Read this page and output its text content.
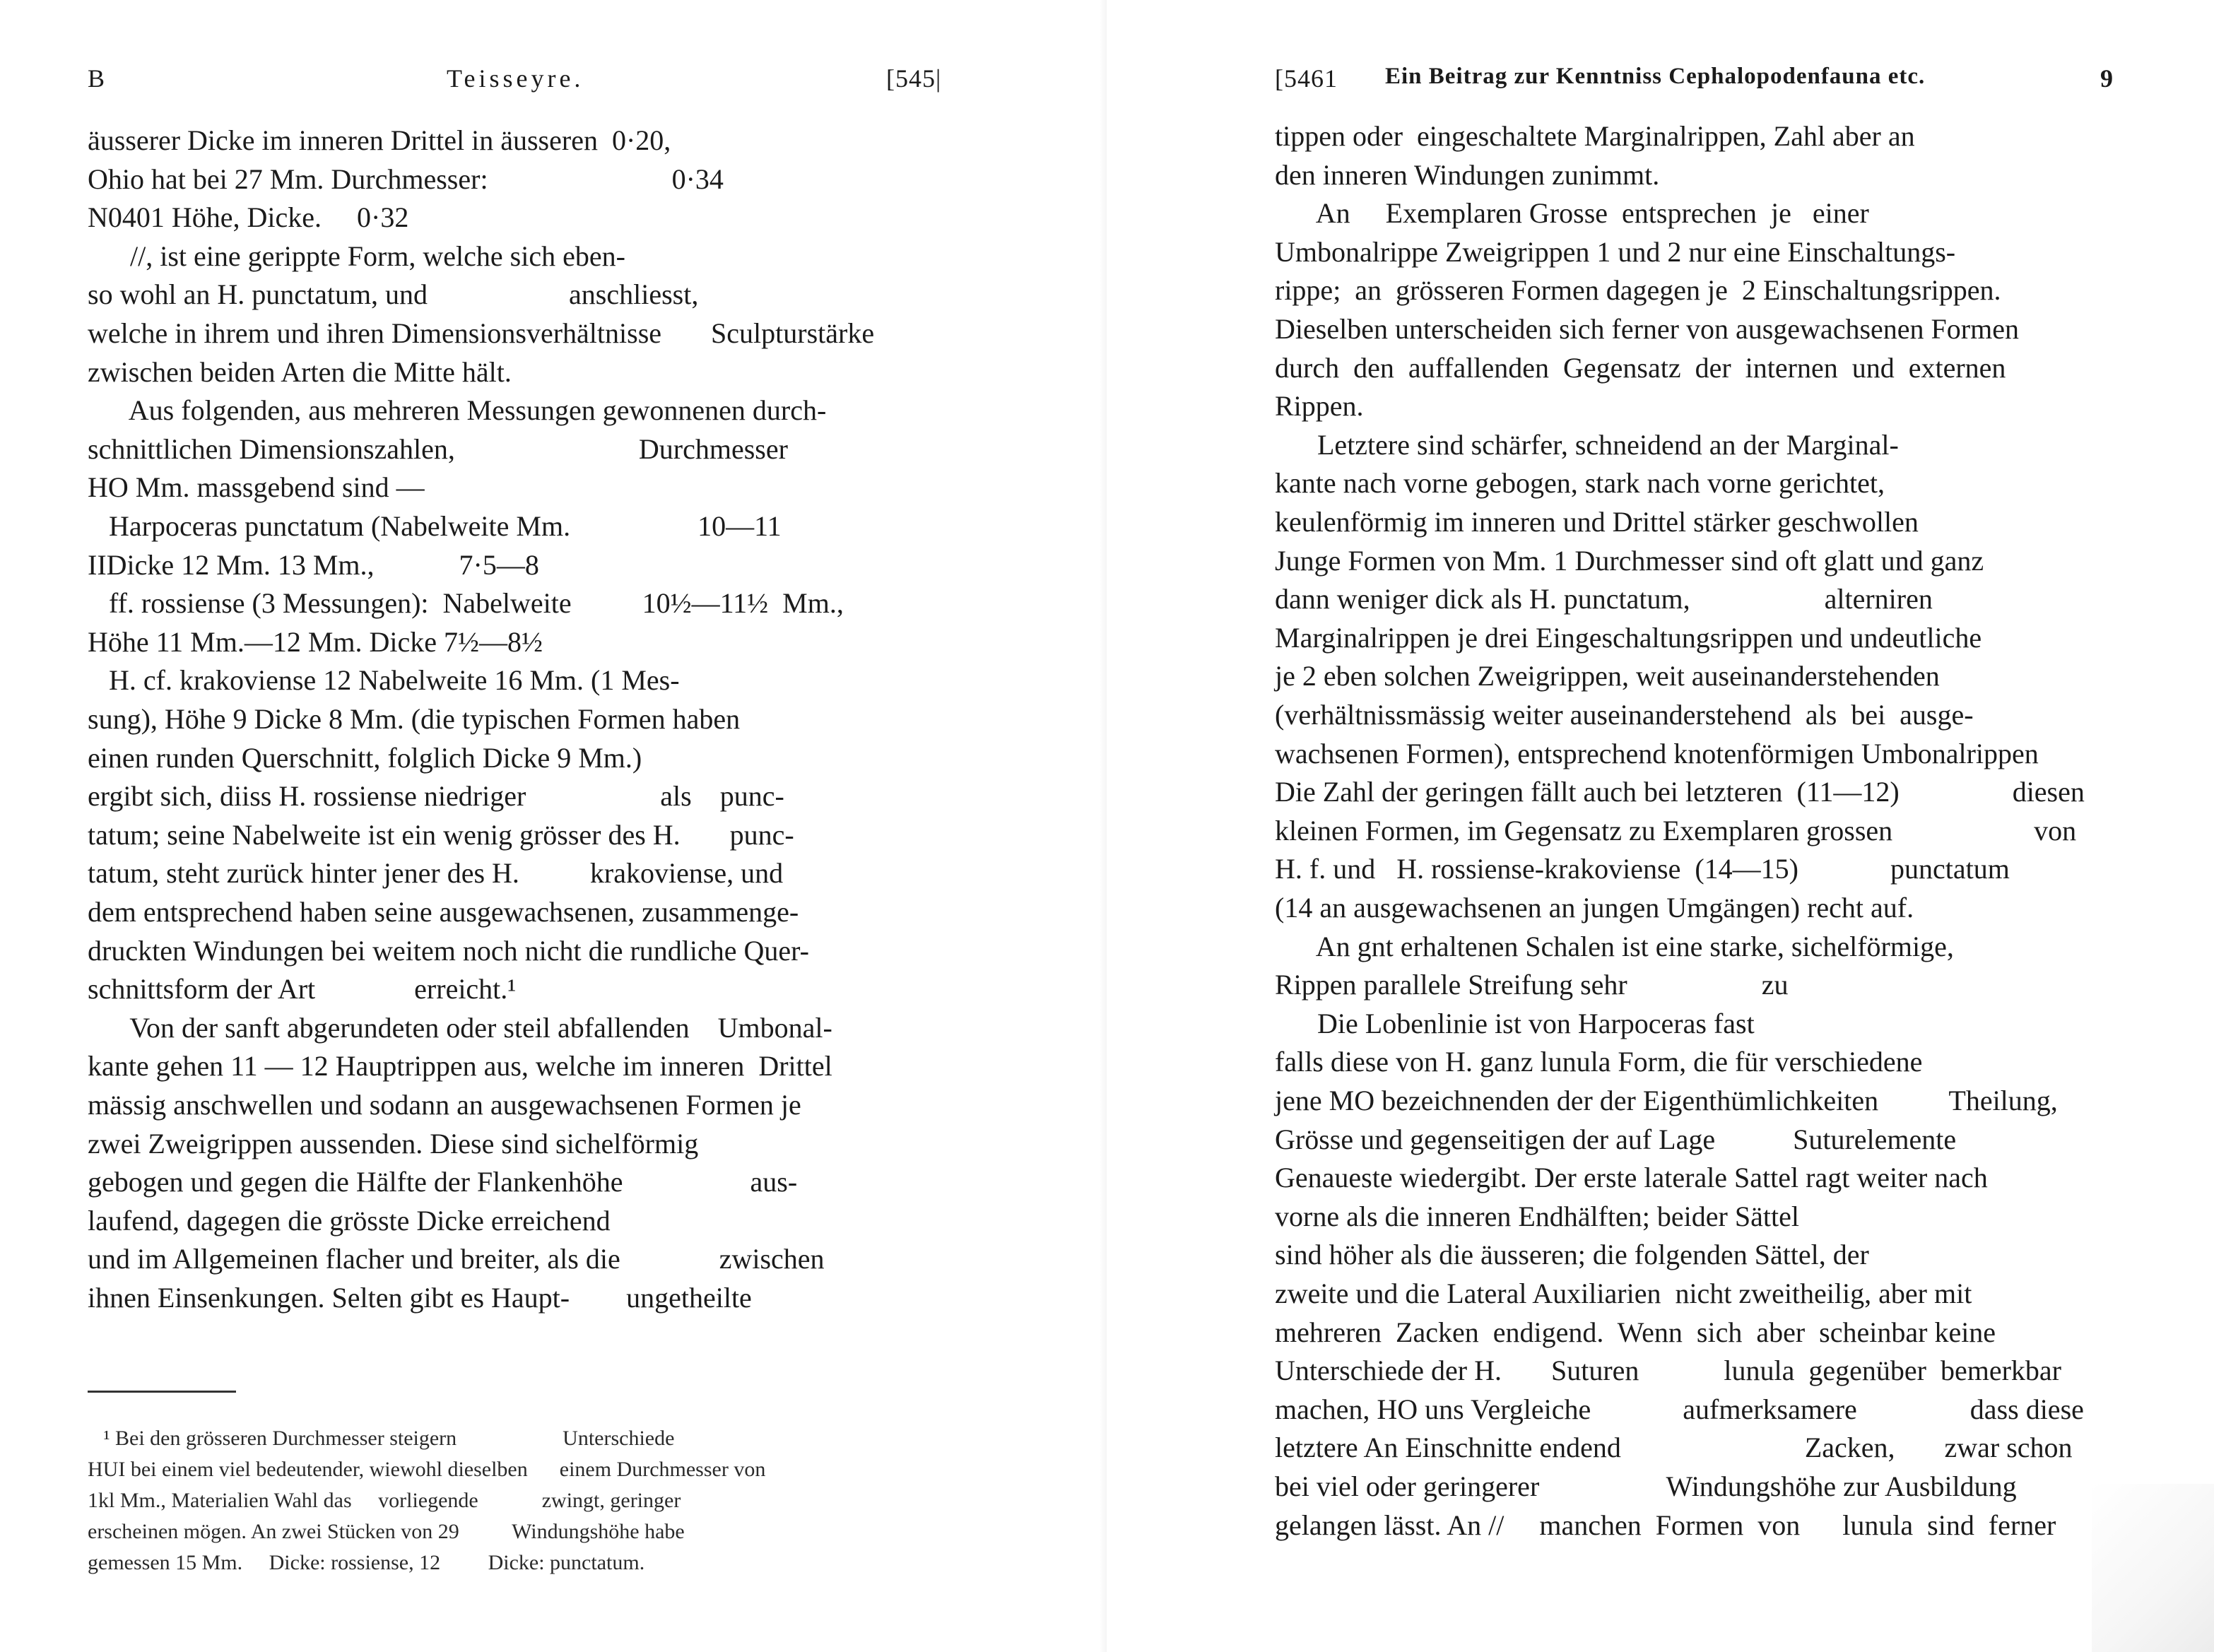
B	Teisseyre.	[545|
äusserer Dicke im inneren Drittel in äusseren  0·20,
Ohio hat bei 27 Mm. Durchmesser:                          0·34
N0401 Höhe, Dicke.     0·32
//, ist eine gerippte Form, welche sich eben-
so wohl an H. punctatum, und                    anschliesst,
welche in ihrem und ihren Dimensionsverhältnisse       Sculpturstärke
zwischen beiden Arten die Mitte hält.
Aus folgenden, aus mehreren Messungen gewonnenen durch-
schnittlichen Dimensionszahlen,                          Durchmesser
HO Mm. massgebend sind —
Harpoceras punctatum (Nabelweite Mm.                  10—11
IIDicke 12 Mm. 13 Mm.,            7·5—8
ff. rossiense (3 Messungen):  Nabelweite          10½—11½  Mm.,
Höhe 11 Mm.—12 Mm. Dicke 7½—8½
H. cf. krakoviense 12 Nabelweite 16 Mm. (1 Mes-
sung), Höhe 9 Dicke 8 Mm. (die typischen Formen haben
einen runden Querschnitt, folglich Dicke 9 Mm.)
ergibt sich, diiss H. rossiense niedriger                   als    punc-
tatum; seine Nabelweite ist ein wenig grösser des H.       punc-
tatum, steht zurück hinter jener des H.          krakoviense, und
dem entsprechend haben seine ausgewachsenen, zusammenge-
druckten Windungen bei weitem noch nicht die rundliche Quer-
schnittsform der Art              erreicht.¹
Von der sanft abgerundeten oder steil abfallenden    Umbonal-
kante gehen 11 — 12 Hauptrippen aus, welche im inneren  Drittel
mässig anschwellen und sodann an ausgewachsenen Formen je
zwei Zweigrippen aussenden. Diese sind sichelförmig
gebogen und gegen die Hälfte der Flankenhöhe                  aus-
laufend, dagegen die grösste Dicke erreichend
und im Allgemeinen flacher und breiter, als die              zwischen
ihnen Einsenkungen. Selten gibt es Haupt-        ungetheilte
¹ Bei den grösseren Durchmesser steigern                    Unterschiede
HUI bei einem viel bedeutender, wiewohl dieselben      einem Durchmesser von
1kl Mm., Materialien Wahl das     vorliegende            zwingt, geringer
erscheinen mögen. An zwei Stücken von 29          Windungshöhe habe
gemessen 15 Mm.     Dicke: rossiense, 12         Dicke: punctatum.
[5461 Ein Beitrag zur Kenntniss Cephalopodenfauna etc.	9
tippen oder  eingeschaltete Marginalrippen, Zahl aber an
den inneren Windungen zunimmt.
An     Exemplaren Grosse  entsprechen  je   einer
Umbonalrippe Zweigrippen 1 und 2 nur eine Einschaltungs-
rippe;  an  grösseren Formen dagegen je  2 Einschaltungsrippen.
Dieselben unterscheiden sich ferner von ausgewachsenen Formen
durch  den  auffallenden  Gegensatz  der  internen  und  externen
Rippen.
Letztere sind schärfer, schneidend an der Marginal-
kante nach vorne gebogen, stark nach vorne gerichtet,
keulenförmig im inneren und Drittel stärker geschwollen
Junge Formen von Mm. 1 Durchmesser sind oft glatt und ganz
dann weniger dick als H. punctatum,                   alterniren
Marginalrippen je drei Eingeschaltungsrippen und undeutliche
je 2 eben solchen Zweigrippen, weit auseinanderstehenden
(verhältnissmässig weiter auseinanderstehend  als  bei  ausge-
wachsenen Formen), entsprechend knotenförmigen Umbonalrippen
Die Zahl der geringen fällt auch bei letzteren  (11—12)                diesen
kleinen Formen, im Gegensatz zu Exemplaren grossen                    von
H. f. und   H. rossiense-krakoviense  (14—15)             punctatum
(14 an ausgewachsenen an jungen Umgängen) recht auf.
An gnt erhaltenen Schalen ist eine starke, sichelförmige,
Rippen parallele Streifung sehr                   zu
Die Lobenlinie ist von Harpoceras fast
falls diese von H. ganz lunula Form, die für verschiedene
jene MO bezeichnenden der der Eigenthümlichkeiten          Theilung,
Grösse und gegenseitigen der auf Lage           Suturelemente
Genaueste wiedergibt. Der erste laterale Sattel ragt weiter nach
vorne als die inneren Endhälften; beider Sättel
sind höher als die äusseren; die folgenden Sättel, der
zweite und die Lateral Auxiliarien  nicht zweitheilig, aber mit
mehreren  Zacken  endigend.  Wenn  sich  aber  scheinbar keine
Unterschiede der H.       Suturen            lunula  gegenüber  bemerkbar
machen, HO uns Vergleiche             aufmerksamere                dass diese
letztere An Einschnitte endend                          Zacken,       zwar schon
bei viel oder geringerer                  Windungshöhe zur Ausbildung
gelangen lässt. An //     manchen  Formen  von      lunula  sind  ferner
